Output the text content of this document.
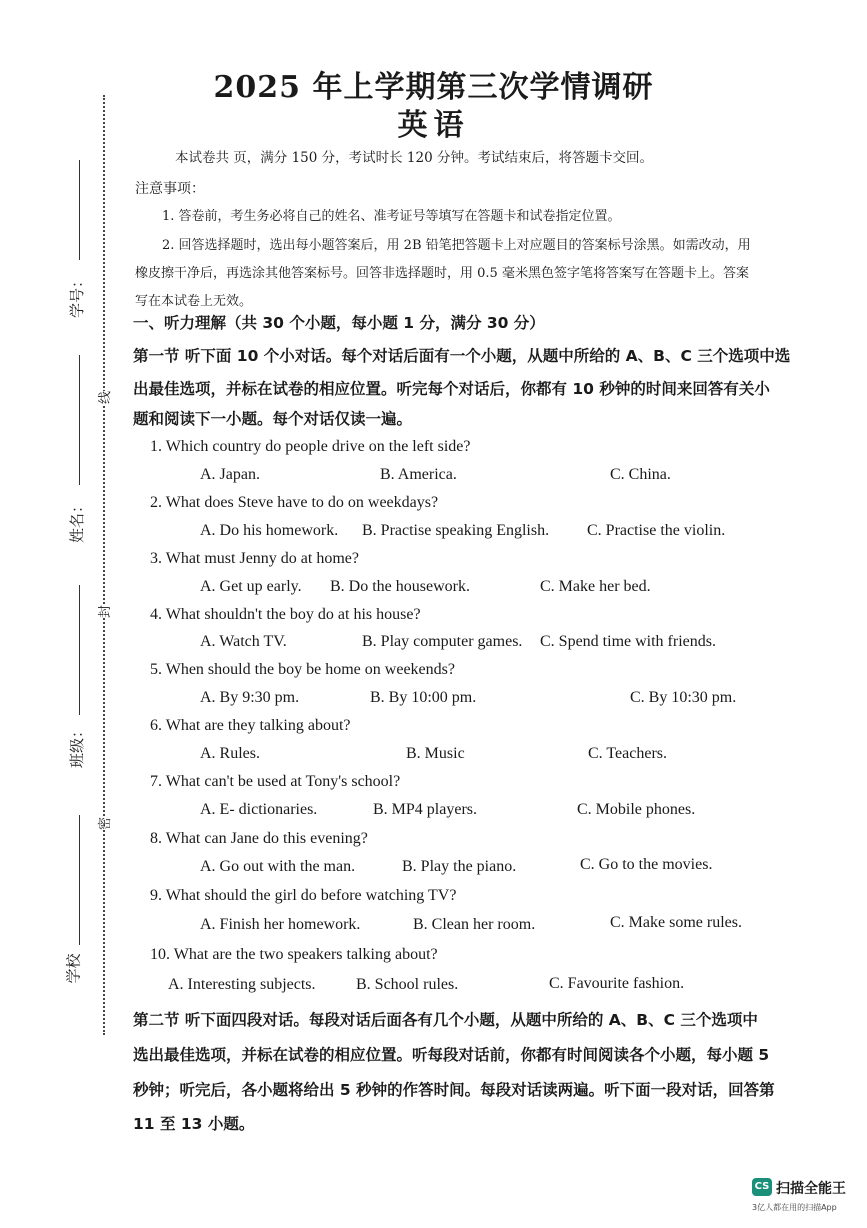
学号：
姓名：
班级：
学校
线
封
密
2025 年上学期第三次学情调研
英语
本试卷共 页，满分 150 分，考试时长 120 分钟。考试结束后，将答题卡交回。
注意事项：
1. 答卷前，考生务必将自己的姓名、准考证号等填写在答题卡和试卷指定位置。
2. 回答选择题时，选出每小题答案后，用 2B 铅笔把答题卡上对应题目的答案标号涂黑。如需改动，用
橡皮擦干净后，再选涂其他答案标号。回答非选择题时，用 0.5 毫米黑色签字笔将答案写在答题卡上。答案
写在本试卷上无效。
一、听力理解（共 30 个小题，每小题 1 分，满分 30 分）
第一节 听下面 10 个小对话。每个对话后面有一个小题，从题中所给的 A、B、C 三个选项中选
出最佳选项，并标在试卷的相应位置。听完每个对话后，你都有 10 秒钟的时间来回答有关小
题和阅读下一小题。每个对话仅读一遍。
1. Which country do people drive on the left side?
A. Japan.	B. America.	C. China.
2. What does Steve have to do on weekdays?
A. Do his homework. B. Practise speaking English. C. Practise the violin.
3. What must Jenny do at home?
A. Get up early. B. Do the housework.	C. Make her bed.
4. What shouldn't the boy do at his house?
A. Watch TV.	B. Play computer games. C. Spend time with friends.
5. When should the boy be home on weekends?
A. By 9:30 pm.	B. By 10:00 pm.	C. By 10:30 pm.
6. What are they talking about?
A. Rules.	B. Music	C. Teachers.
7. What can't be used at Tony's school?
A. E- dictionaries.	B. MP4 players.	C. Mobile phones.
8. What can Jane do this evening?
A. Go out with the man.	B. Play the piano.	C. Go to the movies.
9. What should the girl do before watching TV?
A. Finish her homework.	B. Clean her room.	C. Make some rules.
10. What are the two speakers talking about?
A. Interesting subjects.	B. School rules.	C. Favourite fashion.
第二节 听下面四段对话。每段对话后面各有几个小题，从题中所给的 A、B、C 三个选项中
选出最佳选项，并标在试卷的相应位置。听每段对话前，你都有时间阅读各个小题，每小题 5
秒钟；听完后，各小题将给出 5 秒钟的作答时间。每段对话读两遍。听下面一段对话，回答第
11 至 13 小题。
CS 扫描全能王
3亿人都在用的扫描App
